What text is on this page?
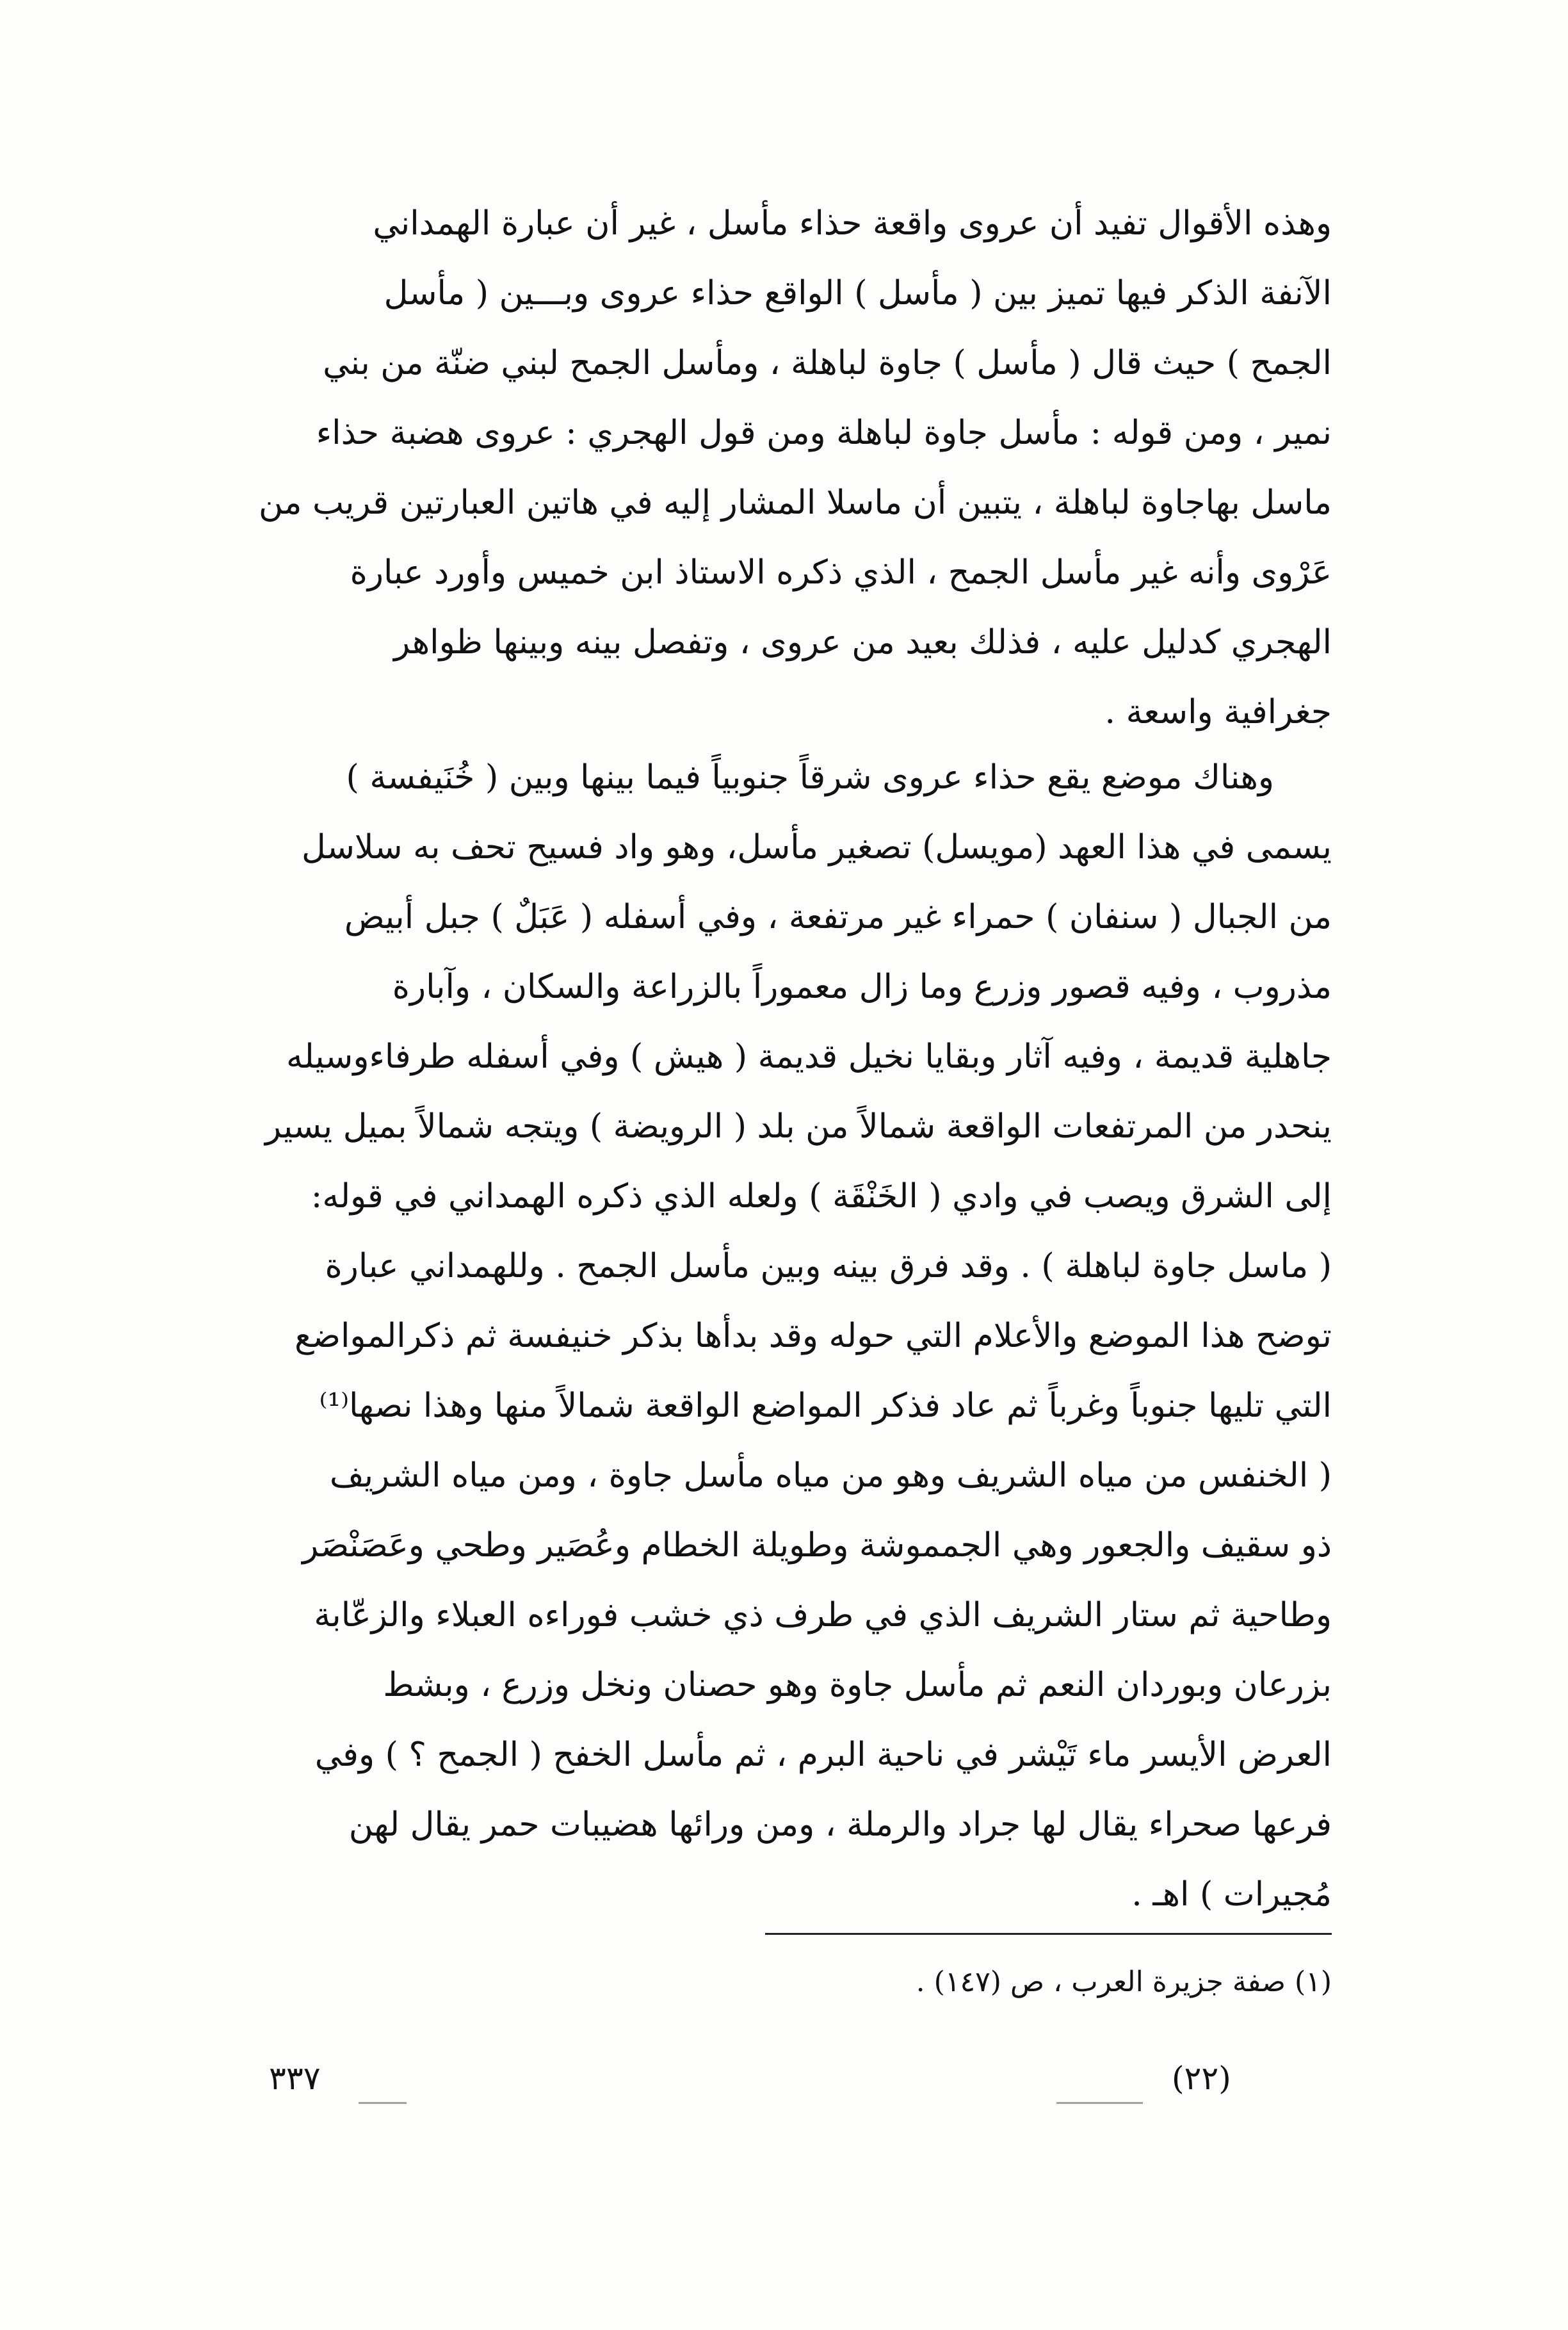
وهذه الأقوال تفيد أن عروى واقعة حذاء مأسل ، غير أن عبارة الهمداني
الآنفة الذكر فيها تميز بين ( مأسل ) الواقع حذاء عروى وبـــين ( مأسل
الجمح ) حيث قال ( مأسل ) جاوة لباهلة ، ومأسل الجمح لبني ضنّة من بني
نمير ، ومن قوله : مأسل جاوة لباهلة ومن قول الهجري : عروى هضبة حذاء
ماسل بهاجاوة لباهلة ، يتبين أن ماسلا المشار إليه في هاتين العبارتين قريب من
عَرْوى وأنه غير مأسل الجمح ، الذي ذكره الاستاذ ابن خميس وأورد عبارة
الهجري كدليل عليه ، فذلك بعيد من عروى ، وتفصل بينه وبينها ظواهر
جغرافية واسعة .
وهناك موضع يقع حذاء عروى شرقاً جنوبياً فيما بينها وبين ( خُنَيفسة )
يسمى في هذا العهد (مويسل) تصغير مأسل، وهو واد فسيح تحف به سلاسل
من الجبال ( سنفان ) حمراء غير مرتفعة ، وفي أسفله ( عَبَلٌ ) جبل أبيض
مذروب ، وفيه قصور وزرع وما زال معموراً بالزراعة والسكان ، وآبارة
جاهلية قديمة ، وفيه آثار وبقايا نخيل قديمة ( هيش ) وفي أسفله طرفاءوسيله
ينحدر من المرتفعات الواقعة شمالاً من بلد ( الرويضة ) ويتجه شمالاً بميل يسير
إلى الشرق ويصب في وادي ( الخَنْقَة ) ولعله الذي ذكره الهمداني في قوله:
( ماسل جاوة لباهلة ) . وقد فرق بينه وبين مأسل الجمح . وللهمداني عبارة
توضح هذا الموضع والأعلام التي حوله وقد بدأها بذكر خنيفسة ثم ذكرالمواضع
التي تليها جنوباً وغرباً ثم عاد فذكر المواضع الواقعة شمالاً منها وهذا نصها⁽¹⁾
( الخنفس من مياه الشريف وهو من مياه مأسل جاوة ، ومن مياه الشريف
ذو سقيف والجعور وهي الجمموشة وطويلة الخطام وعُصَير وطحي وعَصَنْصَر
وطاحية ثم ستار الشريف الذي في طرف ذي خشب فوراءه العبلاء والزعّابة
بزرعان وبوردان النعم ثم مأسل جاوة وهو حصنان ونخل وزرع ، وبشط
العرض الأيسر ماء تَيْشر في ناحية البرم ، ثم مأسل الخفح ( الجمح ؟ ) وفي
فرعها صحراء يقال لها جراد والرملة ، ومن ورائها هضيبات حمر يقال لهن
مُجيرات ) اهـ .
(١) صفة جزيرة العرب ، ص (١٤٧) .
(٢٢)
٣٣٧
